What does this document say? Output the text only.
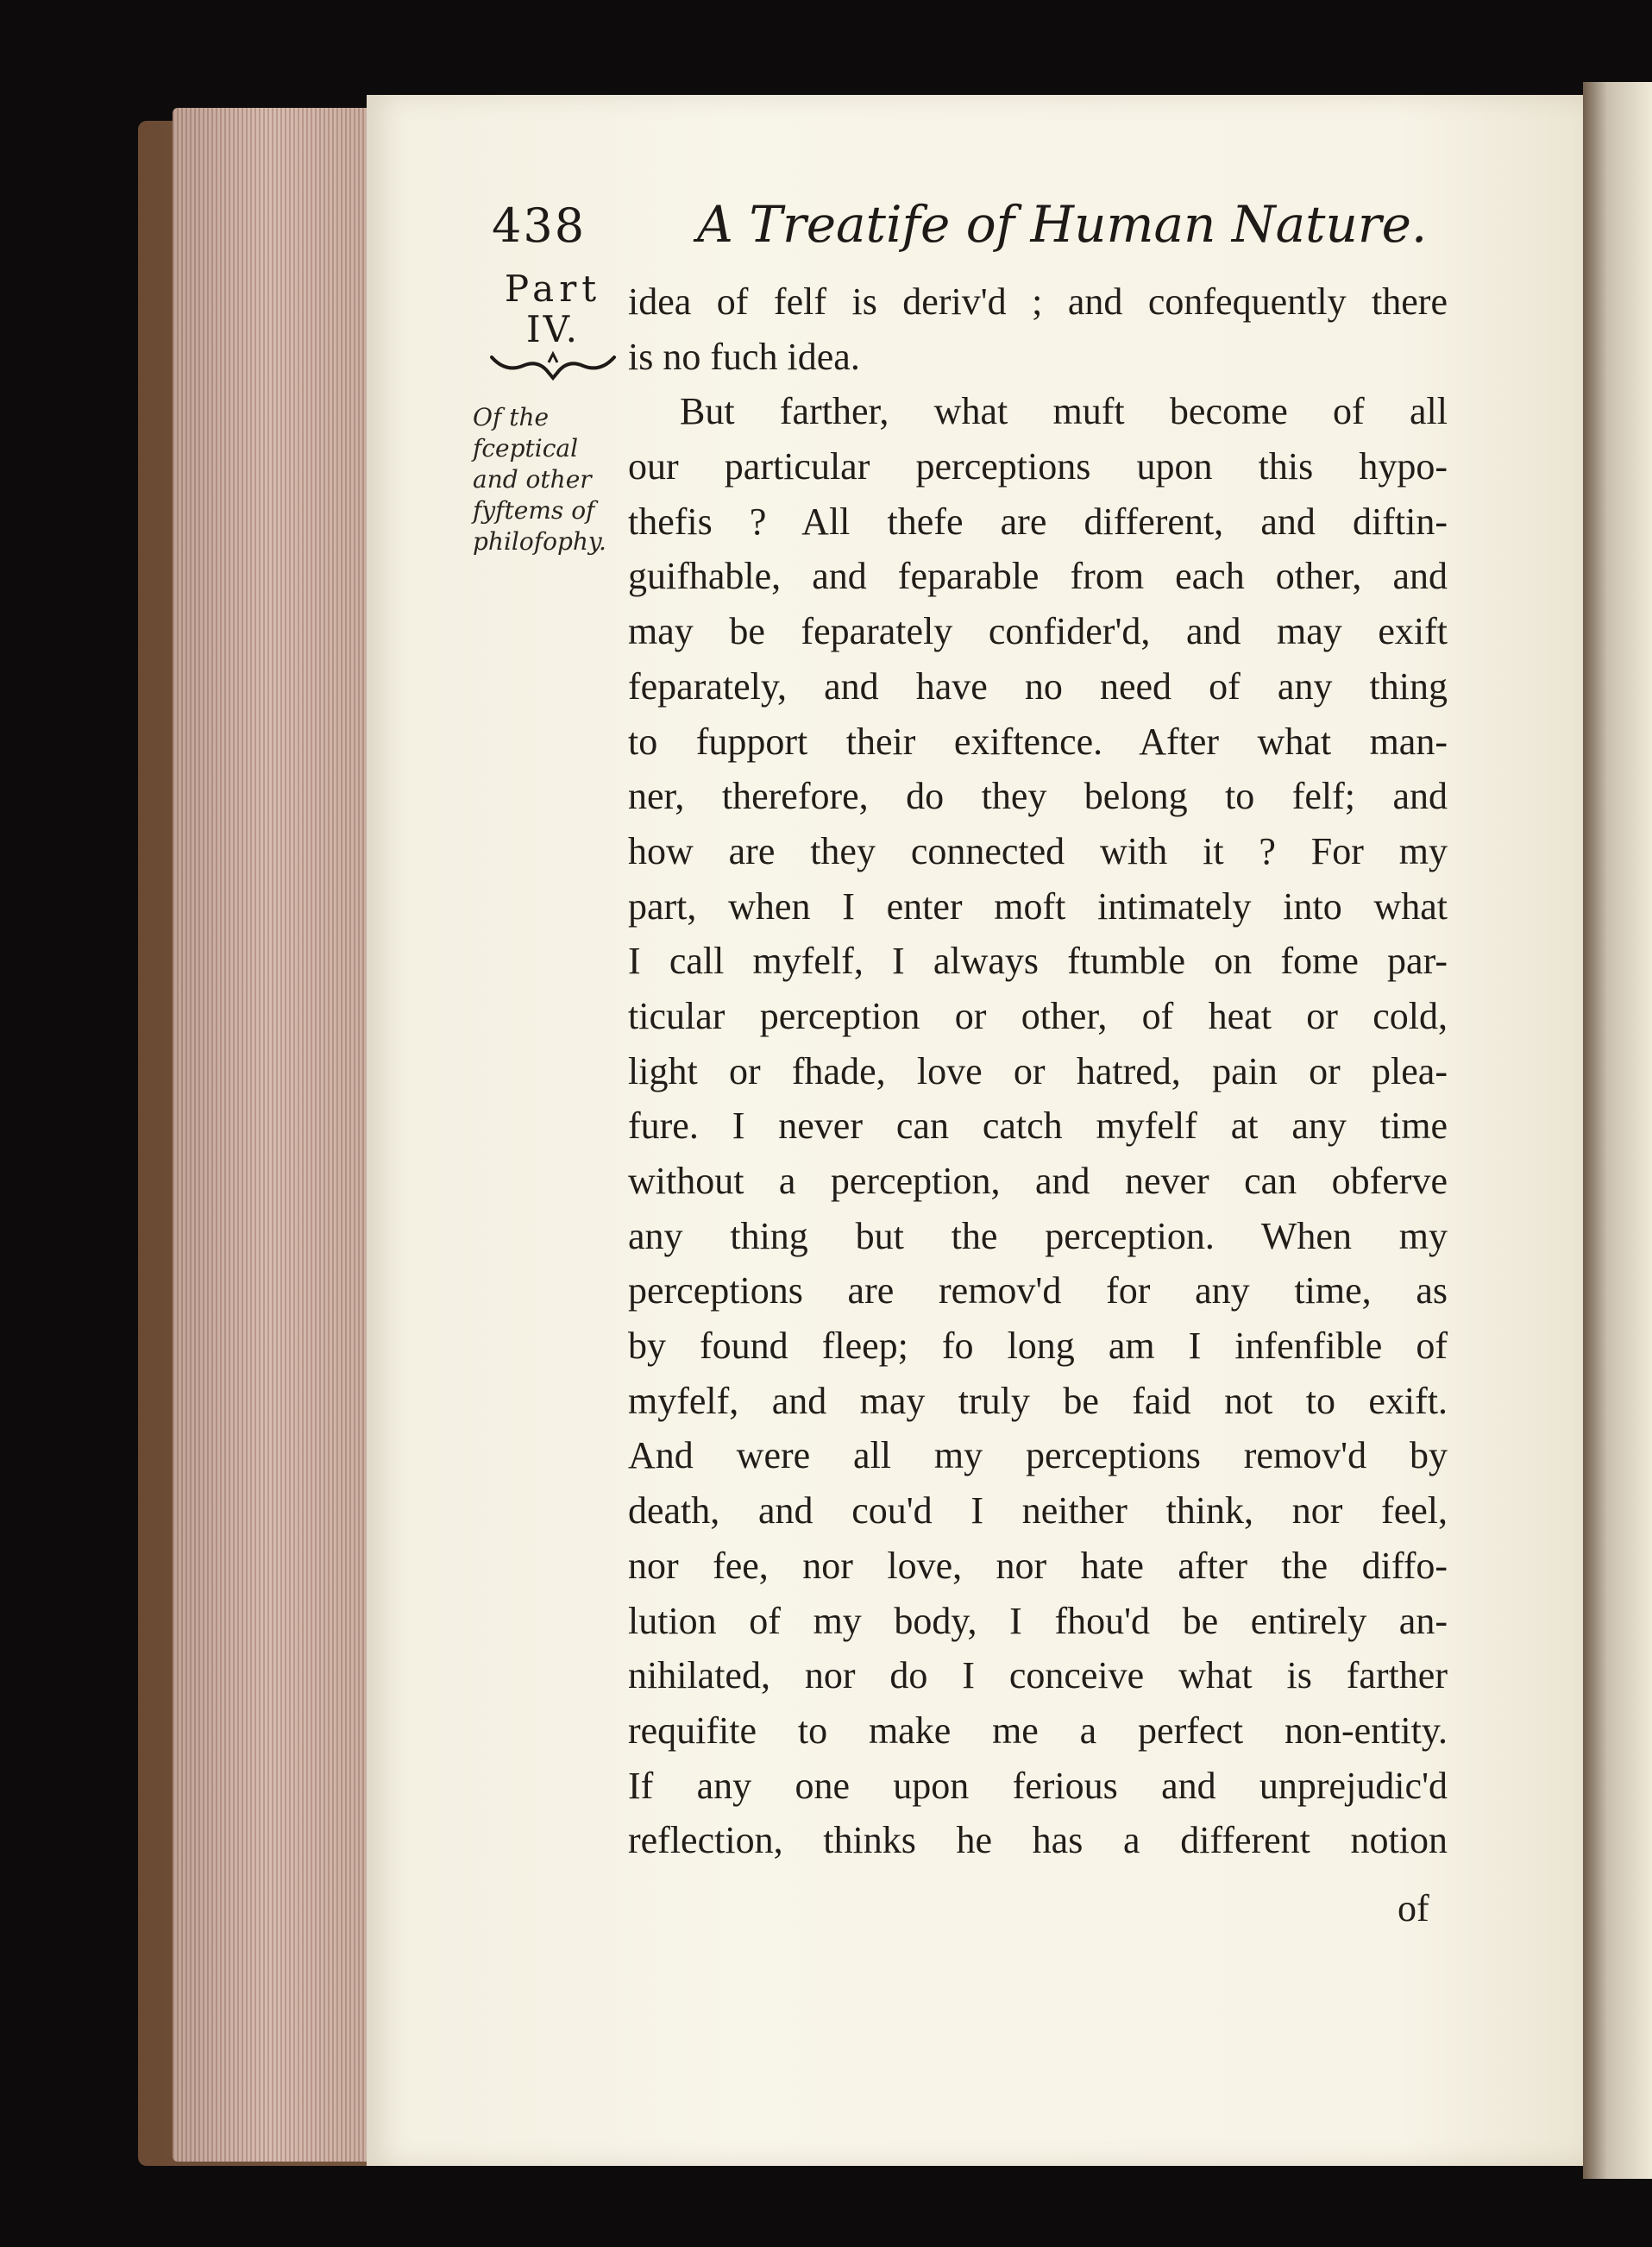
438 A Treatife of Human Nature.
Part
IV.
Of the
fceptical
and other
fyftems of
philofophy.
idea of felf is deriv'd ; and confequently there
is no fuch idea.
But farther, what muft become of all
our particular perceptions upon this hypo-
thefis ? All thefe are different, and diftin-
guifhable, and feparable from each other, and
may be feparately confider'd, and may exift
feparately, and have no need of any thing
to fupport their exiftence. After what man-
ner, therefore, do they belong to felf; and
how are they connected with it ? For my
part, when I enter moft intimately into what
I call myfelf, I always ftumble on fome par-
ticular perception or other, of heat or cold,
light or fhade, love or hatred, pain or plea-
fure. I never can catch myfelf at any time
without a perception, and never can obferve
any thing but the perception. When my
perceptions are remov'd for any time, as
by found fleep; fo long am I infenfible of
myfelf, and may truly be faid not to exift.
And were all my perceptions remov'd by
death, and cou'd I neither think, nor feel,
nor fee, nor love, nor hate after the diffo-
lution of my body, I fhou'd be entirely an-
nihilated, nor do I conceive what is farther
requifite to make me a perfect non-entity.
If any one upon ferious and unprejudic'd
reflection, thinks he has a different notion
of
